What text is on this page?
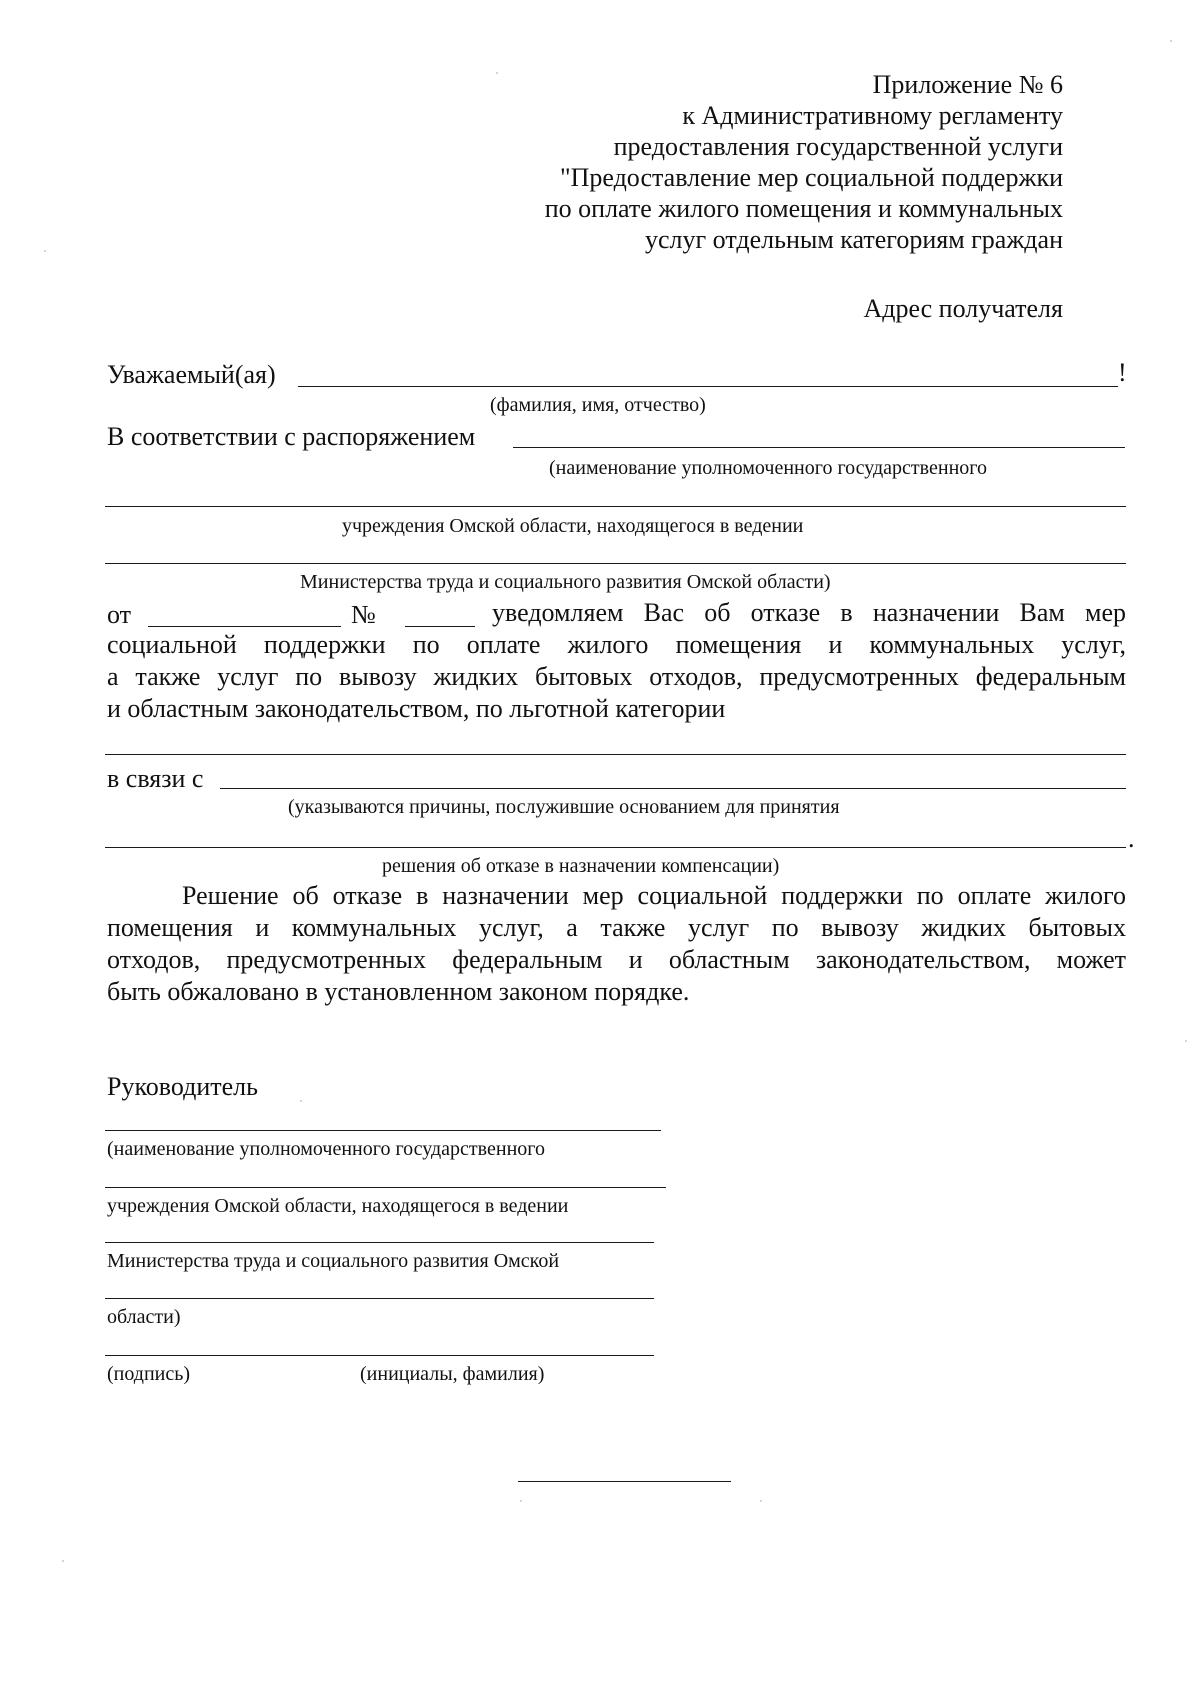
Приложение № 6
к Административному регламенту
предоставления государственной услуги
"Предоставление мер социальной поддержки
по оплате жилого помещения и коммунальных
услуг отдельным категориям граждан
Адрес получателя
Уважаемый(ая)	!
(фамилия, имя, отчество)
В соответствии с распоряжением
(наименование уполномоченного государственного
учреждения Омской области, находящегося в ведении
Министерства труда и социального развития Омской области)
от	№	уведомляем Вас об отказе в назначении Вам мер
социальной поддержки по оплате жилого помещения и коммунальных услуг,
а также услуг по вывозу жидких бытовых отходов, предусмотренных федеральным
и областным законодательством, по льготной категории
в связи с
(указываются причины, послужившие основанием для принятия
.
решения об отказе в назначении компенсации)
Решение об отказе в назначении мер социальной поддержки по оплате жилого
помещения и коммунальных услуг, а также услуг по вывозу жидких бытовых
отходов, предусмотренных федеральным и областным законодательством, может
быть обжаловано в установленном законом порядке.
Руководитель
(наименование уполномоченного государственного
учреждения Омской области, находящегося в ведении
Министерства труда и социального развития Омской
области)
(подпись)	(инициалы, фамилия)
